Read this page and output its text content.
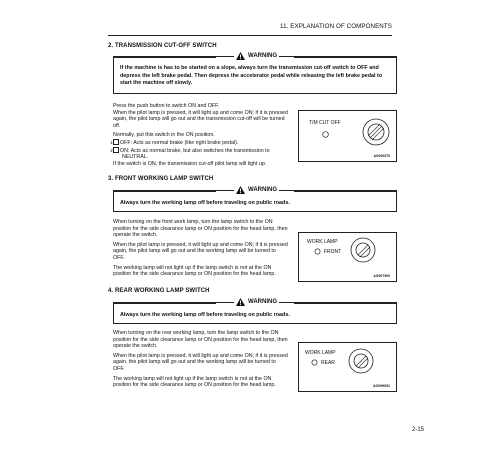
11. EXPLANATION OF COMPONENTS
2. TRANSMISSION CUT-OFF SWITCH
WARNING
If the machine is has to be started on a slope, always turn the transmission cut-off switch to OFF and depress the left brake pedal. Then depress the accelerator pedal while releasing the left brake pedal to start the machine off slowly.

Press the push button to switch ON and OFF.

When the pilot lamp is pressed, it will light up and come ON; if it is pressed again, the pilot lamp will go out and the transmission cut-off will be turned off.

Normally, put this switch in the ON position.

1 OFF: Acts as normal brake (like right brake pedal).
2 ON: Acts as normal brake, but also switches the transmission to NEUTRAL.

If the switch is ON, the transmission cut-off pilot lamp will light up.

T/M CUT OFF
AG000270
3. FRONT WORKING LAMP SWITCH
WARNING
Always turn the working lamp off before traveling on public roads.

When turning on the front work lamp, turn the lamp switch to the ON position for the side clearance lamp or ON position for the head lamp, then operate the switch.

When the pilot lamp is pressed, it will light up and come ON; if it is pressed again, the pilot lamp will go out and the working lamp will be turned to OFF.

The working lamp will not light up if the lamp switch is not at the ON position for the side clearance lamp or ON position for the head lamp.

WORK LAMP
FRONT
AG00T900
4. REAR WORKING LAMP SWITCH
WARNING
Always turn the working lamp off before traveling on public roads.

When turning on the rear working lamp, turn the lamp switch to the ON position for the side clearance lamp or ON position for the head lamp, then operate the switch.

When the pilot lamp is pressed, it will light up and come ON; if it is pressed again, the pilot lamp will go out and the working lamp will be turned to OFF.

The working lamp will not light up if the lamp switch is not at the ON position for the side clearance lamp or ON position for the head lamp.

WORK LAMP
REAR
AG00H051
2-15
